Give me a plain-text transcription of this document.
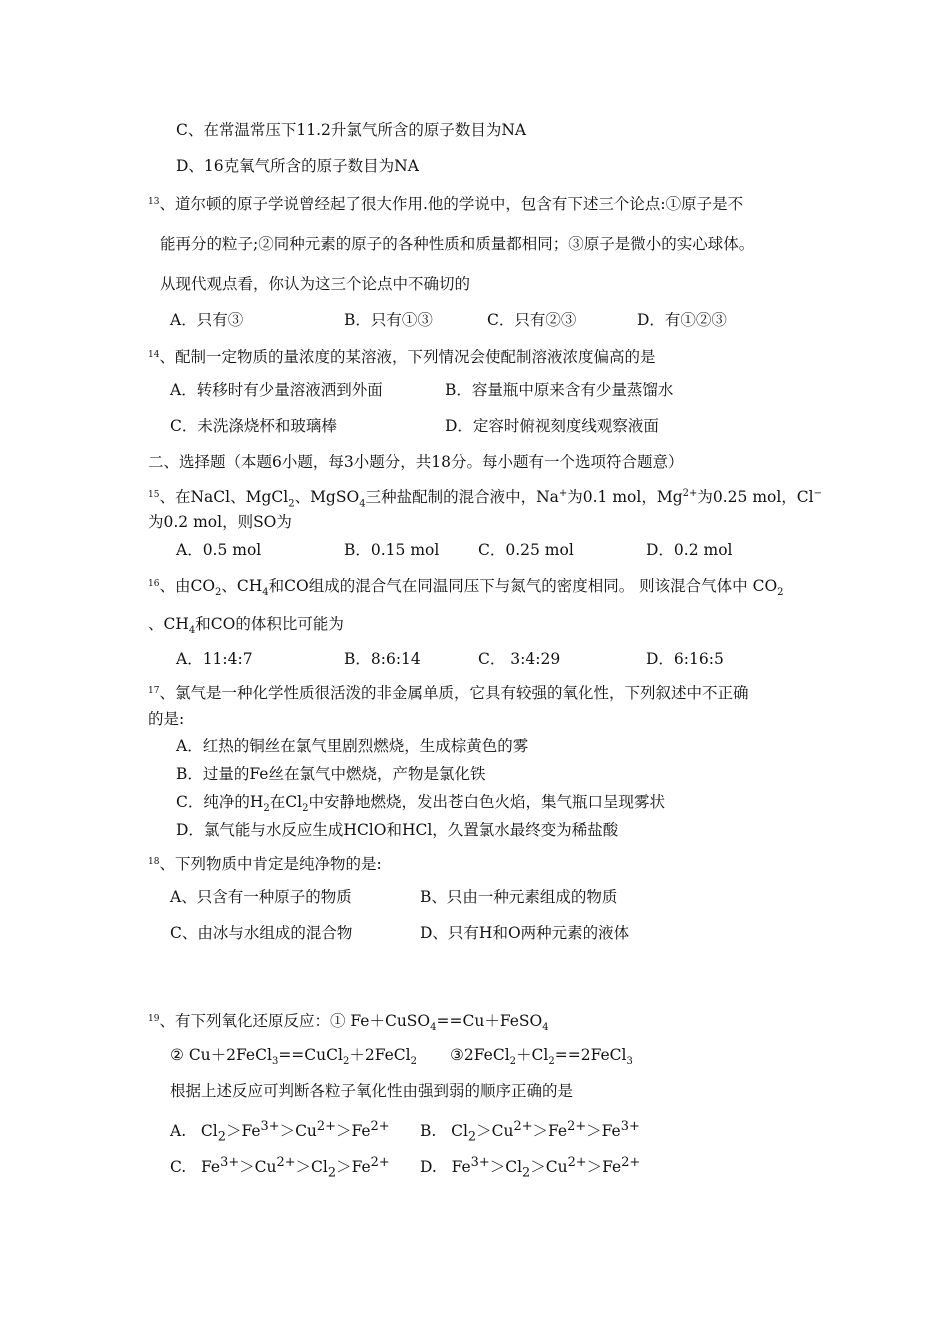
C、在常温常压下11.2升氯气所含的原子数目为NA
D、16克氧气所含的原子数目为NA
$^{13}$、道尔顿的原子学说曾经起了很大作用.他的学说中，包含有下述三个论点:①原子是不
能再分的粒子;②同种元素的原子的各种性质和质量都相同；③原子是微小的实心球体。
从现代观点看，你认为这三个论点中不确切的
A．只有③	B．只有①③	C．只有②③	D．有①②③
$^{14}$、配制一定物质的量浓度的某溶液，下列情况会使配制溶液浓度偏高的是
A．转移时有少量溶液洒到外面	B．容量瓶中原来含有少量蒸馏水
C．未洗涤烧杯和玻璃棒	D．定容时俯视刻度线观察液面
二、选择题（本题6小题，每3小题分，共18分。每小题有一个选项符合题意）
$^{15}$、在NaCl、MgCl$_2$、MgSO$_4$三种盐配制的混合液中，Na+为0.1 mol，$Mg^{2+}$为0.25 mol，Cl−
为0.2 mol，则SO为
A．0.5 mol	B．0.15 mol C．0.25 mol	D．0.2 mol
$^{16}$、由$CO_2$、$CH_4$和CO组成的混合气在同温同压下与氮气的密度相同。 则该混合气体中 $CO_2$
、$CH_4$和CO的体积比可能为
A．11:4:7	B．8:6:14	C． 3:4:29	D．6:16:5
$^{17}$、氯气是一种化学性质很活泼的非金属单质，它具有较强的氧化性，下列叙述中不正确
的是:
A．红热的铜丝在氯气里剧烈燃烧，生成棕黄色的雾
B．过量的Fe丝在氯气中燃烧，产物是氯化铁
C．纯净的$H_2$在$Cl_2$中安静地燃烧，发出苍白色火焰，集气瓶口呈现雾状
D．氯气能与水反应生成HClO和HCl，久置氯水最终变为稀盐酸
$^{18}$、下列物质中肯定是纯净物的是:
A、只含有一种原子的物质	B、只由一种元素组成的物质
C、由冰与水组成的混合物	D、只有H和O两种元素的液体
$^{19}$、有下列氧化还原反应：① Fe＋CuSO$_4$==Cu＋FeSO$_4$
② Cu＋2FeCl$_3$==CuCl$_2$＋2FeCl$_2$ $③2FeCl_2+Cl_2==2FeCl_3$
根据上述反应可判断各粒子氧化性由强到弱的顺序正确的是
A.   $Cl_2>Fe^{3+}>Cu^{2+}>Fe^{2+}$ B.   $Cl_2>Cu^{2+}>Fe^{2+}>Fe^{3+}$
C.   $Fe^{3+}>Cu^{2+}>Cl_2>Fe^{2+}$ D.   $Fe^{3+}>Cl_2>Cu^{2+}>Fe^{2+}$
